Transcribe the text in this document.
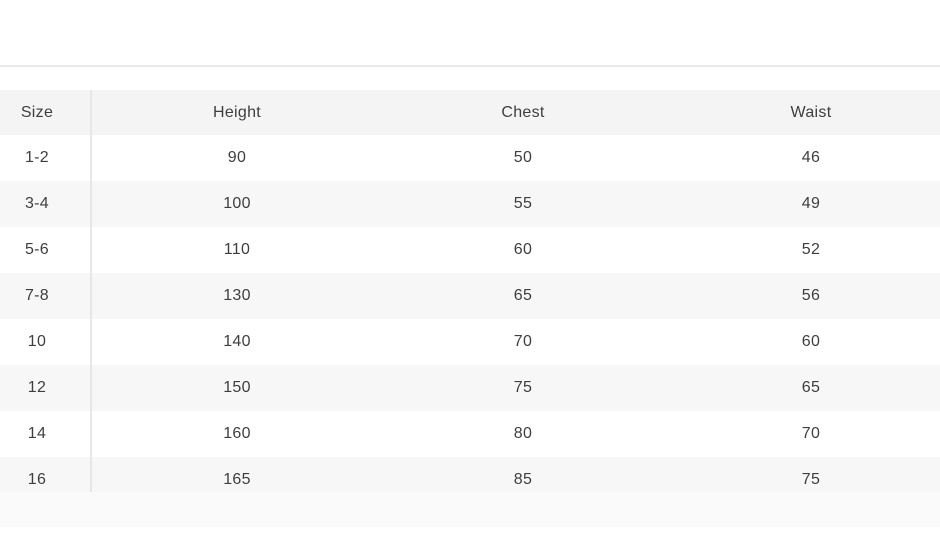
Size	Height	Chest	Waist
1-2	90	50	46
3-4	100	55	49
5-6	110	60	52
7-8	130	65	56
10	140	70	60
12	150	75	65
14	160	80	70
16	165	85	75
